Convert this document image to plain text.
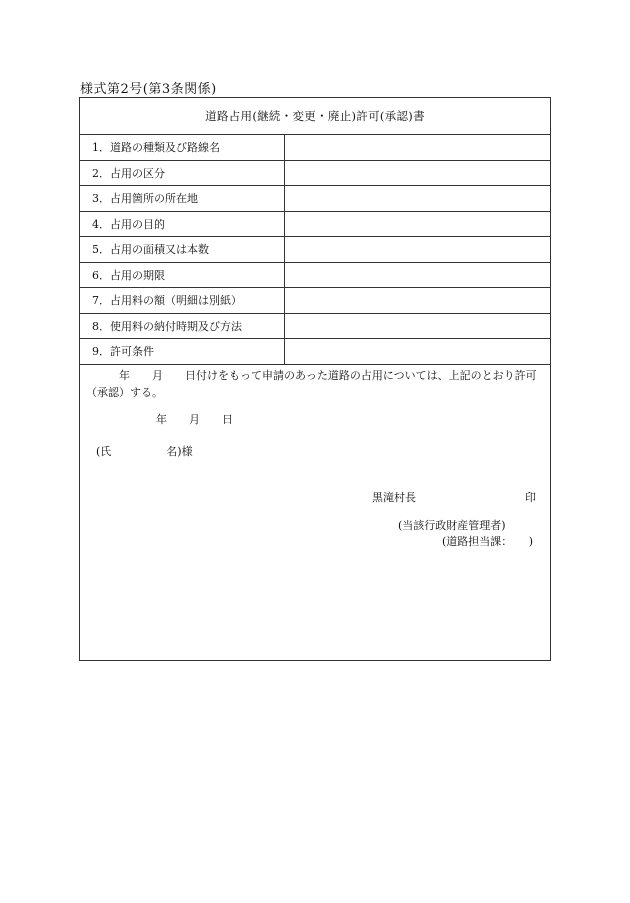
様式第2号(第3条関係)
道路占用(継続・変更・廃止)許可(承認)書
1．道路の種類及び路線名
2．占用の区分
3．占用箇所の所在地
4．占用の目的
5．占用の面積又は本数
6．占用の期限
7．占用料の額（明細は別紙）
8．使用料の納付時期及び方法
9．許可条件
　　　年　　月　　日付けをもって申請のあった道路の占用については、上記のとおり許可（承認）する。
年　　月　　日
(氏　　　　　名)様
黒滝村長	印
(当該行政財産管理者)
(道路担当課：　　)
